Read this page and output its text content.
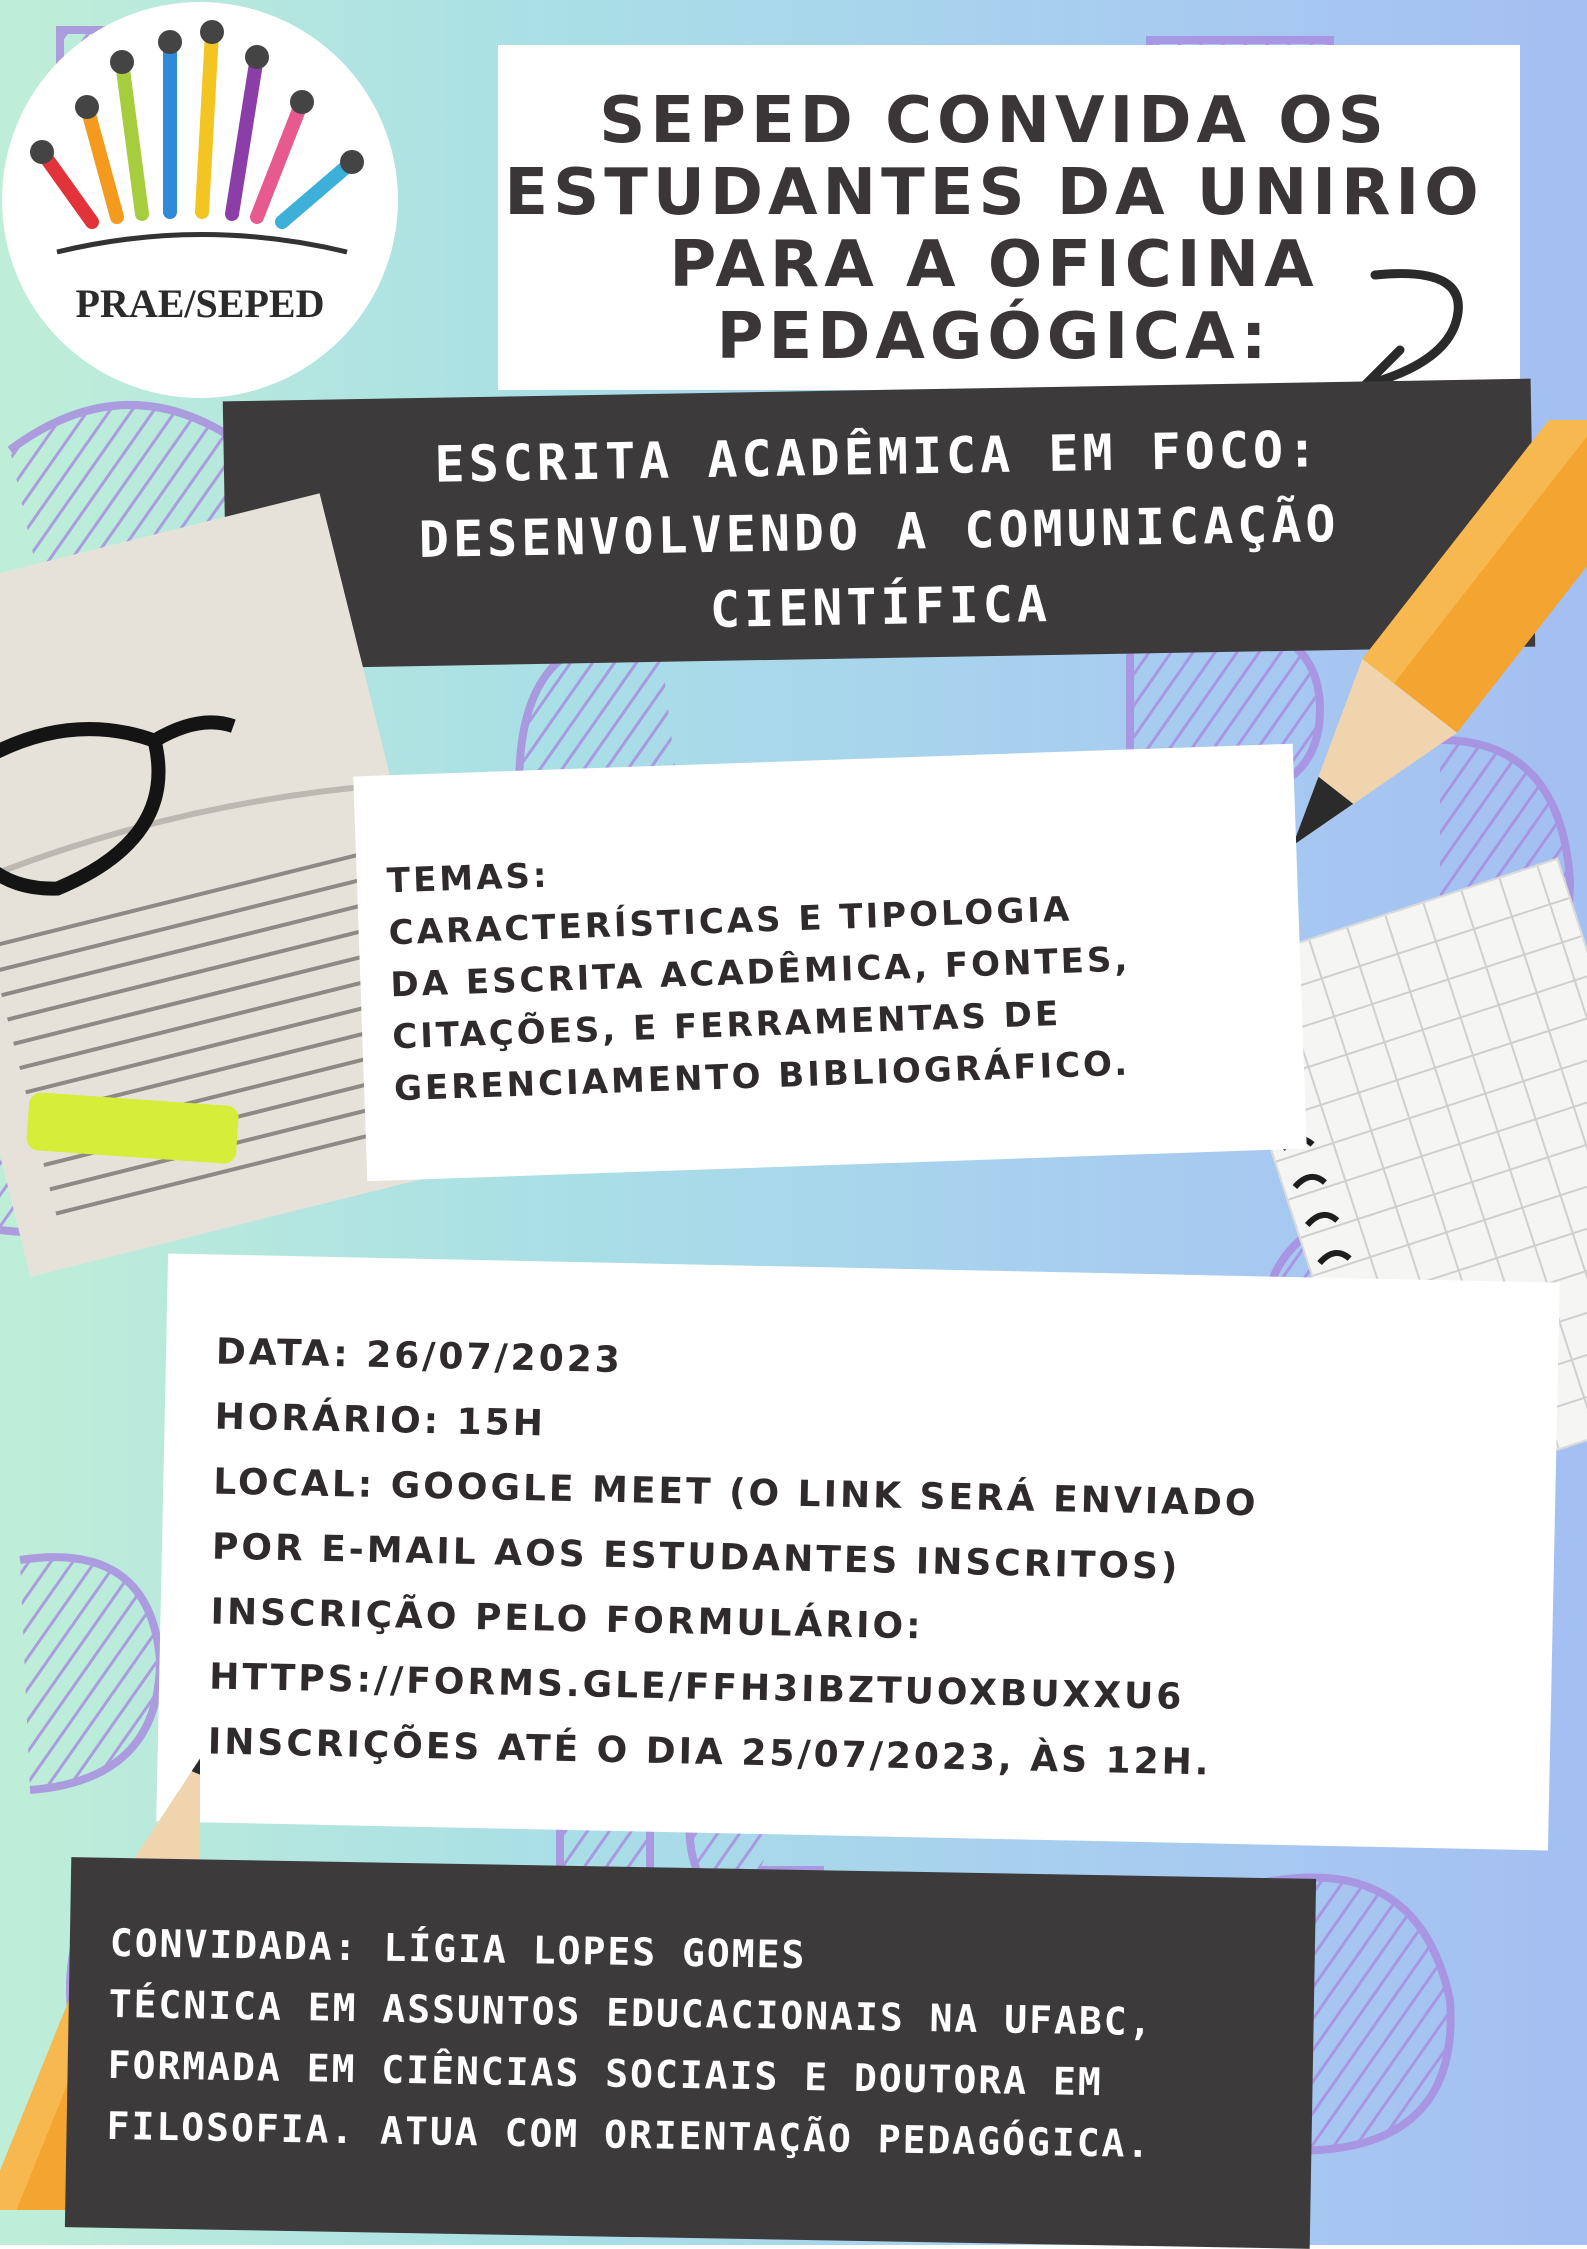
PRAE/SEPED
SEPED CONVIDA OS
ESTUDANTES DA UNIRIO
PARA A OFICINA
PEDAGÓGICA:
ESCRITA ACADÊMICA EM FOCO:
DESENVOLVENDO A COMUNICAÇÃO
CIENTÍFICA
TEMAS:
CARACTERÍSTICAS E TIPOLOGIA
DA ESCRITA ACADÊMICA, FONTES,
CITAÇÕES, E FERRAMENTAS DE
GERENCIAMENTO BIBLIOGRÁFICO.
DATA: 26/07/2023
HORÁRIO: 15H
LOCAL: GOOGLE MEET (O LINK SERÁ ENVIADO
POR E-MAIL AOS ESTUDANTES INSCRITOS)
INSCRIÇÃO PELO FORMULÁRIO:
HTTPS://FORMS.GLE/FFH3IBZTUOXBUXXU6
INSCRIÇÕES ATÉ O DIA 25/07/2023, ÀS 12H.
CONVIDADA: LÍGIA LOPES GOMES
TÉCNICA EM ASSUNTOS EDUCACIONAIS NA UFABC,
FORMADA EM CIÊNCIAS SOCIAIS E DOUTORA EM
FILOSOFIA. ATUA COM ORIENTAÇÃO PEDAGÓGICA.
